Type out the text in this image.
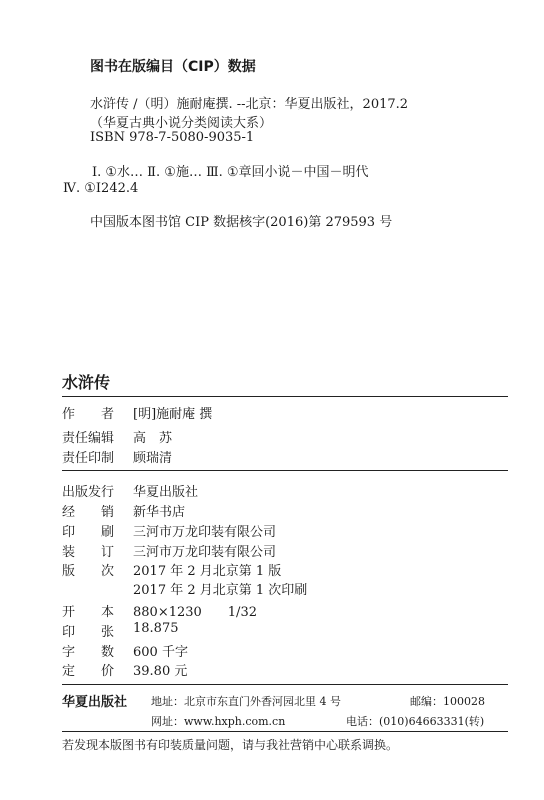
图书在版编目（CIP）数据
水浒传 /（明）施耐庵撰. --北京：华夏出版社，2017.2
（华夏古典小说分类阅读大系）
ISBN 978-7-5080-9035-1
Ⅰ. ①水… Ⅱ. ①施… Ⅲ. ①章回小说－中国－明代
Ⅳ. ①I242.4
中国版本图书馆 CIP 数据核字(2016)第 279593 号
水浒传
作　　者 [明]施耐庵 撰
责任编辑 高　苏
责任印制 顾瑞清
出版发行 华夏出版社
经　　销 新华书店
印　　刷 三河市万龙印装有限公司
装　　订 三河市万龙印装有限公司
版　　次 2017 年 2 月北京第 1 版
2017 年 2 月北京第 1 次印刷
开　　本 880×1230　　1/32
印　　张 18.875
字　　数 600 千字
定　　价 39.80 元
华夏出版社 地址：北京市东直门外香河园北里 4 号	邮编：100028
网址：www.hxph.com.cn	电话：(010)64663331(转)
若发现本版图书有印装质量问题，请与我社营销中心联系调换。
